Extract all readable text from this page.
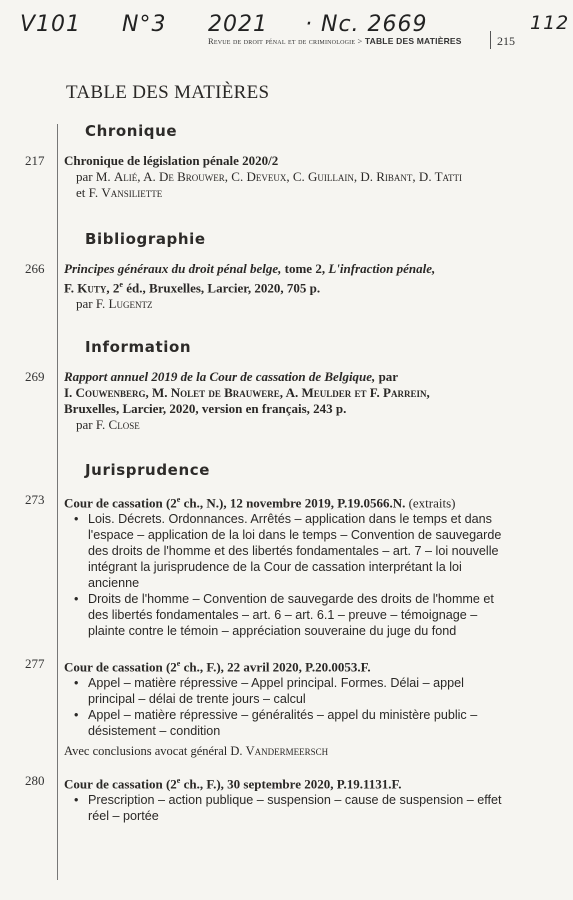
V101 N°3 2021 · Nc. 2669	112
Revue de droit pénal et de criminologie > TABLE DES MATIÈRES	215
TABLE DES MATIÈRES
Chronique
217 Chronique de législation pénale 2020/2
par M. Alié, A. De Brouwer, C. Deveux, C. Guillain, D. Ribant, D. Tatti
et F. Vansiliette
Bibliographie
266 Principes généraux du droit pénal belge, tome 2, L'infraction pénale,
F. Kuty, 2e éd., Bruxelles, Larcier, 2020, 705 p.
par F. Lugentz
Information
269 Rapport annuel 2019 de la Cour de cassation de Belgique, par
I. Couwenberg, M. Nolet de Brauwere, A. Meulder et F. Parrein,
Bruxelles, Larcier, 2020, version en français, 243 p.
par F. Close
Jurisprudence
273 Cour de cassation (2e ch., N.), 12 novembre 2019, P.19.0566.N. (extraits)
• Lois. Décrets. Ordonnances. Arrêtés – application dans le temps et dans l'espace – application de la loi dans le temps – Convention de sauvegarde des droits de l'homme et des libertés fondamentales – art. 7 – loi nouvelle intégrant la jurisprudence de la Cour de cassation interprétant la loi ancienne
• Droits de l'homme – Convention de sauvegarde des droits de l'homme et des libertés fondamentales – art. 6 – art. 6.1 – preuve – témoignage – plainte contre le témoin – appréciation souveraine du juge du fond
277 Cour de cassation (2e ch., F.), 22 avril 2020, P.20.0053.F.
• Appel – matière répressive – Appel principal. Formes. Délai – appel principal – délai de trente jours – calcul
• Appel – matière répressive – généralités – appel du ministère public – désistement – condition
Avec conclusions avocat général D. Vandermeersch
280 Cour de cassation (2e ch., F.), 30 septembre 2020, P.19.1131.F.
• Prescription – action publique – suspension – cause de suspension – effet réel – portée
